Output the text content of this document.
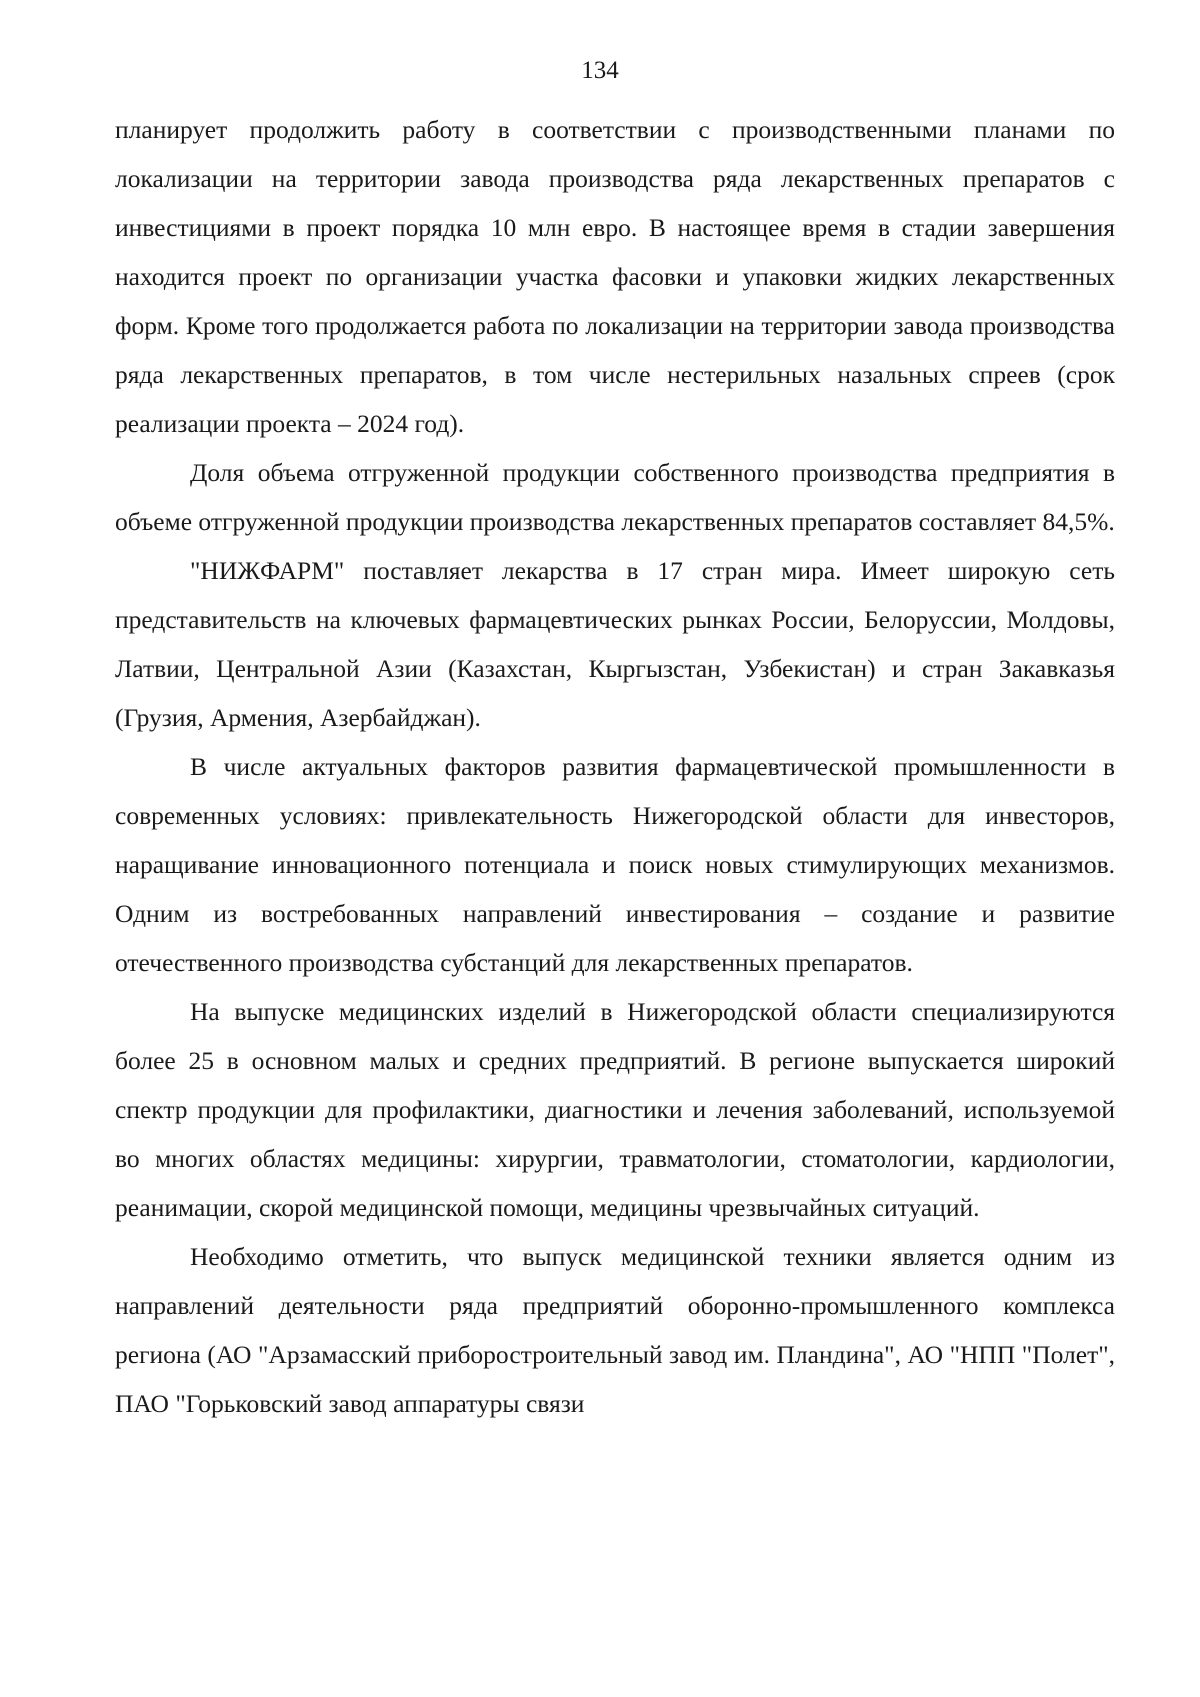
134

планирует продолжить работу в соответствии с производственными планами по локализации на территории завода производства ряда лекарственных препаратов с инвестициями в проект порядка 10 млн евро. В настоящее время в стадии завершения находится проект по организации участка фасовки и упаковки жидких лекарственных форм. Кроме того продолжается работа по локализации на территории завода производства ряда лекарственных препаратов, в том числе нестерильных назальных спреев (срок реализации проекта – 2024 год).

Доля объема отгруженной продукции собственного производства предприятия в объеме отгруженной продукции производства лекарственных препаратов составляет 84,5%.

"НИЖФАРМ" поставляет лекарства в 17 стран мира. Имеет широкую сеть представительств на ключевых фармацевтических рынках России, Белоруссии, Молдовы, Латвии, Центральной Азии (Казахстан, Кыргызстан, Узбекистан) и стран Закавказья (Грузия, Армения, Азербайджан).

В числе актуальных факторов развития фармацевтической промышленности в современных условиях: привлекательность Нижегородской области для инвесторов, наращивание инновационного потенциала и поиск новых стимулирующих механизмов. Одним из востребованных направлений инвестирования – создание и развитие отечественного производства субстанций для лекарственных препаратов.

На выпуске медицинских изделий в Нижегородской области специализируются более 25 в основном малых и средних предприятий. В регионе выпускается широкий спектр продукции для профилактики, диагностики и лечения заболеваний, используемой во многих областях медицины: хирургии, травматологии, стоматологии, кардиологии, реанимации, скорой медицинской помощи, медицины чрезвычайных ситуаций.

Необходимо отметить, что выпуск медицинской техники является одним из направлений деятельности ряда предприятий оборонно-промышленного комплекса региона (АО "Арзамасский приборостроительный завод им. Пландина", АО "НПП "Полет", ПАО "Горьковский завод аппаратуры связи
